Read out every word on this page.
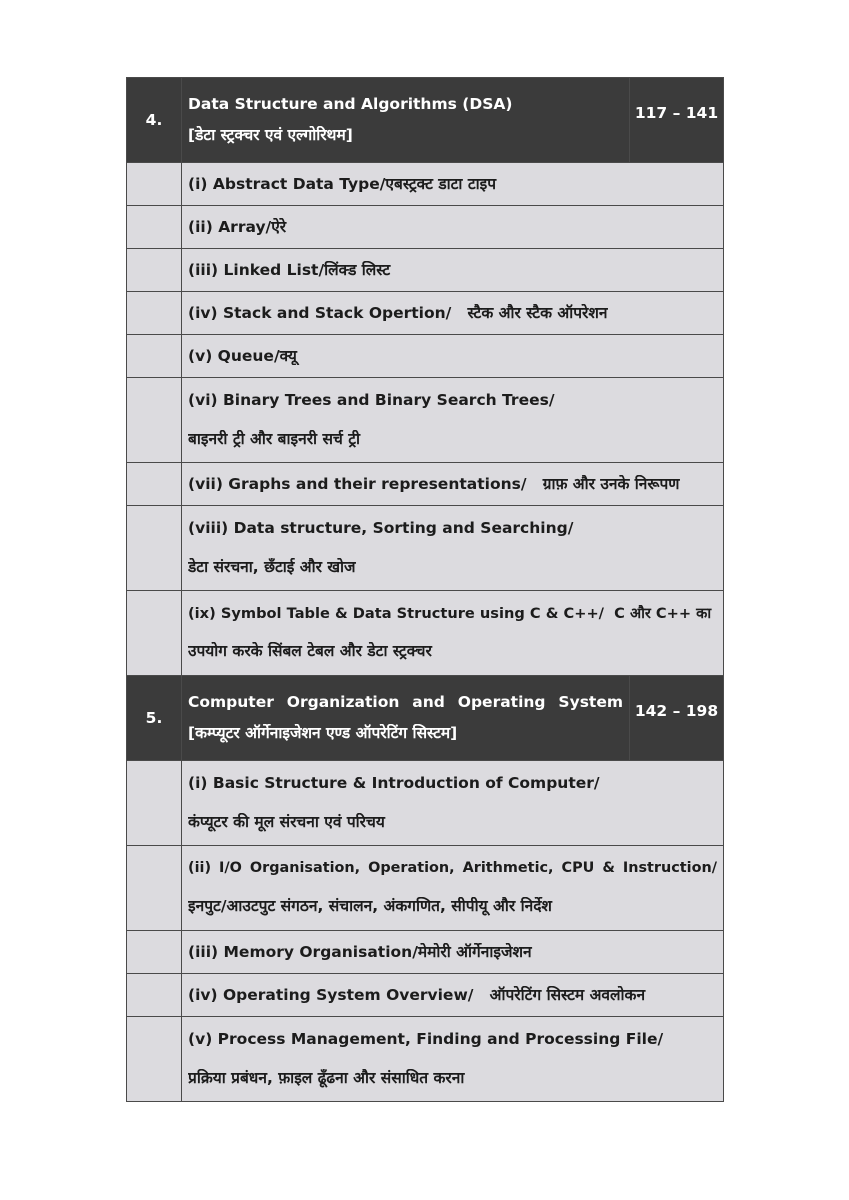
4.	Data Structure and Algorithms (DSA)
[डेटा स्ट्रक्चर एवं एल्गोरिथम]	117 – 141

	(i) Abstract Data Type/एबस्ट्रक्ट डाटा टाइप	

	(ii) Array/ऐरे	

	(iii) Linked List/लिंक्ड लिस्ट	

	(iv) Stack and Stack Opertion/   स्टैक और स्टैक ऑपरेशन	

	(v) Queue/क्यू	

	(vi) Binary Trees and Binary Search Trees/
बाइनरी ट्री और बाइनरी सर्च ट्री	

	(vii) Graphs and their representations/   ग्राफ़ और उनके निरूपण	

	(viii) Data structure, Sorting and Searching/
डेटा संरचना, छँटाई और खोज	

	(ix) Symbol Table & Data Structure using C & C++/  C और C++ का
उपयोग करके सिंबल टेबल और डेटा स्ट्रक्चर	

5.	Computer Organization and Operating System
[कम्प्यूटर ऑर्गेनाइजेशन एण्ड ऑपरेटिंग सिस्टम]	142 – 198

	(i) Basic Structure & Introduction of Computer/
कंप्यूटर की मूल संरचना एवं परिचय	

	(ii) I/O Organisation, Operation, Arithmetic, CPU & Instruction/
इनपुट/आउटपुट संगठन, संचालन, अंकगणित, सीपीयू और निर्देश	

	(iii) Memory Organisation/मेमोरी ऑर्गेनाइजेशन	

	(iv) Operating System Overview/   ऑपरेटिंग सिस्टम अवलोकन	

	(v) Process Management, Finding and Processing File/
प्रक्रिया प्रबंधन, फ़ाइल ढूँढना और संसाधित करना	
